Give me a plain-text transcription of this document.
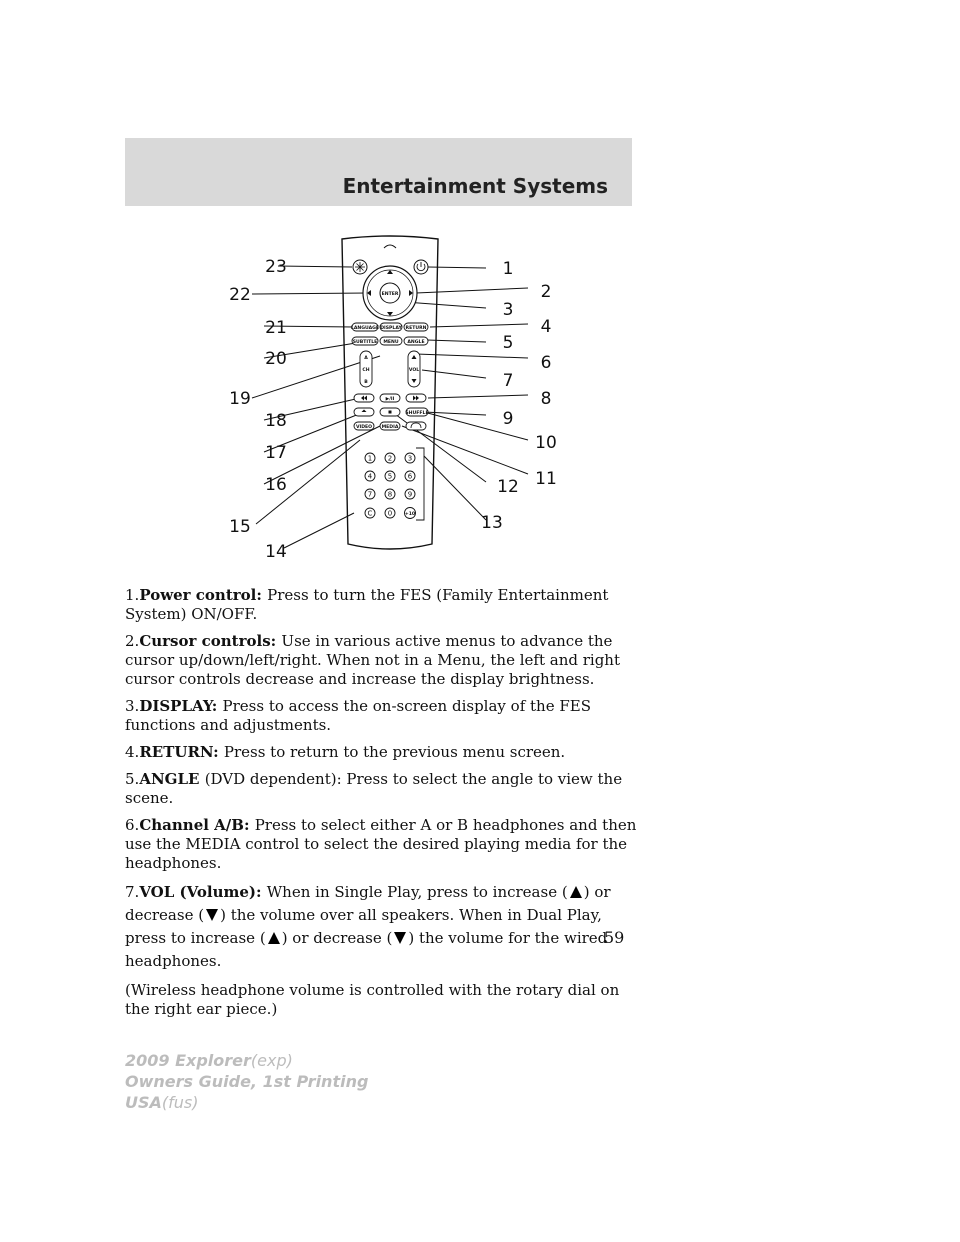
Entertainment Systems
ENTER
LANGUAGE DISPLAY RETURN
SUBTITLE MENU ANGLE
A
CH
B
VOL
▶/II
SHUFFLE
VIDEO MEDIA
1 2 3
4 5 6
7 8 9
C 0	+10
1
2
3
4
5
6
7
8
9
10
11
12
13
14
15
16
17
18
19
20
21
22
23

1.Power control: Press to turn the FES (Family Entertainment System) ON/OFF.

2.Cursor controls: Use in various active menus to advance the cursor up/down/left/right. When not in a Menu, the left and right cursor controls decrease and increase the display brightness.

3.DISPLAY: Press to access the on-screen display of the FES functions and adjustments.

4.RETURN: Press to return to the previous menu screen.

5.ANGLE (DVD dependent): Press to select the angle to view the scene.

6.Channel A/B: Press to select either A or B headphones and then use the MEDIA control to select the desired playing media for the headphones.

7.VOL (Volume): When in Single Play, press to increase ( ) or decrease ( ) the volume over all speakers. When in Dual Play, press to increase ( ) or decrease ( ) the volume for the wired headphones.

(Wireless headphone volume is controlled with the rotary dial on the right ear piece.)

59
2009 Explorer(exp)
Owners Guide, 1st Printing
USA(fus)
